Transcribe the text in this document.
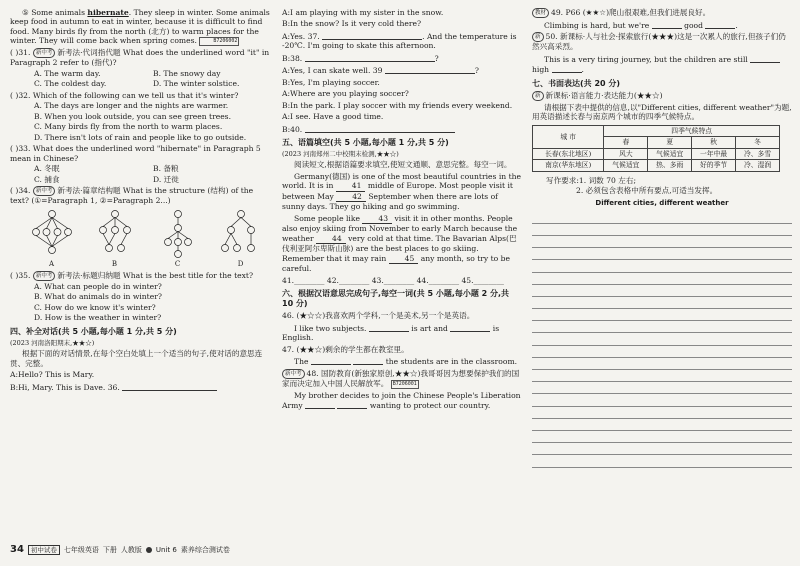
⑤ Some animals hibernate. They sleep in winter. Some animals keep food in autumn to eat in winter, because it is difficult to find food. Many birds fly from the north (北方) to warm places for the winter. They will come back when spring comes.	B7206002

( )31. 新中考 新考法·代词指代题 What does the underlined word "it" in Paragraph 2 refer to (指代)?
A. The warm day.	B. The snowy day
C. The coldest day.	D. The winter solstice.
( )32. Which of the following can we tell us that it's winter?
A. The days are longer and the nights are warmer.
B. When you look outside, you can see green trees.
C. Many birds fly from the north to warm places.
D. There isn't lots of rain and people like to go outside.
( )33. What does the underlined word "hibernate" in Paragraph 5 mean in Chinese?
A. 冬眠	B. 备粮
C. 捕食	D. 迁徙
( )34. 新中考 新考法·篇章结构题 What is the structure (结构) of the text? (①=Paragraph 1, ②=Paragraph 2...)
A	B	C	D
( )35. 新中考 新考法·标题归纳题 What is the best title for the text?
A. What can people do in winter?
B. What do animals do in winter?
C. How do we know it's winter?
D. How is the weather in winter?
四、补全对话(共 5 小题,每小题 1 分,共 5 分)
(2023 河南洛阳期末,★★☆)

根据下面的对话情景,在每个空白处填上一个适当的句子,使对话的意思连贯、完整。

A:Hello? This is Mary.

B:Hi, Mary. This is Dave. 36.

A:I am playing with my sister in the snow.

B:In the snow? Is it very cold there?

A:Yes. 37.	. And the temperature is -20℃. I'm going to skate this afternoon.

B:38.	?

A:Yes, I can skate well. 39	?

B:Yes, I'm playing soccer.

A:Where are you playing soccer?

B:In the park. I play soccer with my friends every weekend.

A:I see. Have a good time.

B:40.

五、语篇填空(共 5 小题,每小题 1 分,共 5 分)
(2023 河南郑州二中校期末检测,★★☆)

阅读短文,根据语篇要求填空,使短文通顺、意思完整。每空一词。

Germany(德国) is one of the most beautiful countries in the world. It is in 41 middle of Europe. Most people visit it between May 42 September when there are lots of sunny days. They go hiking and go swimming.

Some people like 43 visit it in other months. People also enjoy skiing from November to early March because the weather 44 very cold at that time. The Bavarian Alps(巴伐利亚阿尔卑斯山脉) are the best places to go skiing. Remember that it may rain 45 any month, so try to be careful.

41.________ 42.________ 43.________ 44.________ 45.________

六、根据汉语意思完成句子,每空一词(共 5 小题,每小题 2 分,共 10 分)

46. (★☆☆)我喜欢两个学科,一个是美术,另一个是英语。

I like two subjects.	is art and	is English.

47. (★★☆)剩余的学生都在教室里。

The	the students are in the classroom.

新中考 48. 国防教育(新独家原创,★★☆)我哥哥因为想要保护我们的国家而决定加入中国人民解放军。 B7206001

My brother decides to join the Chinese People's Liberation Army	wanting to protect our country.

教材 49. P66 (★★☆)爬山很艰难,但我们进展良好。

Climbing is hard, but we're	good	.

新 50. 新课标·人与社会·探索旅行(★★★)这是一次累人的旅行,但孩子们仍然兴高采烈。

This is a very tiring journey, but the children are still  high	.

七、书面表达(共 20 分)

新 新课标·语言能力·表达能力(★★☆)

请根据下表中提供的信息,以"Different cities, different weather"为题,用英语描述长春与南京两个城市的四季气候特点。

城 市	四季气候特点			
	春	夏	秋	冬
长春(东北地区)	风大	气候适宜	一年中最	冷、多雪
南京(华东地区)	气候适宜	热、多雨	好的季节	冷、湿润

写作要求:1. 词数 70 左右;

2. 必须包含表格中所有要点,可适当发挥。

Different cities, different weather
34	初中试卷	七年级英语 下册 人教版 Unit 6 素养综合测试卷
